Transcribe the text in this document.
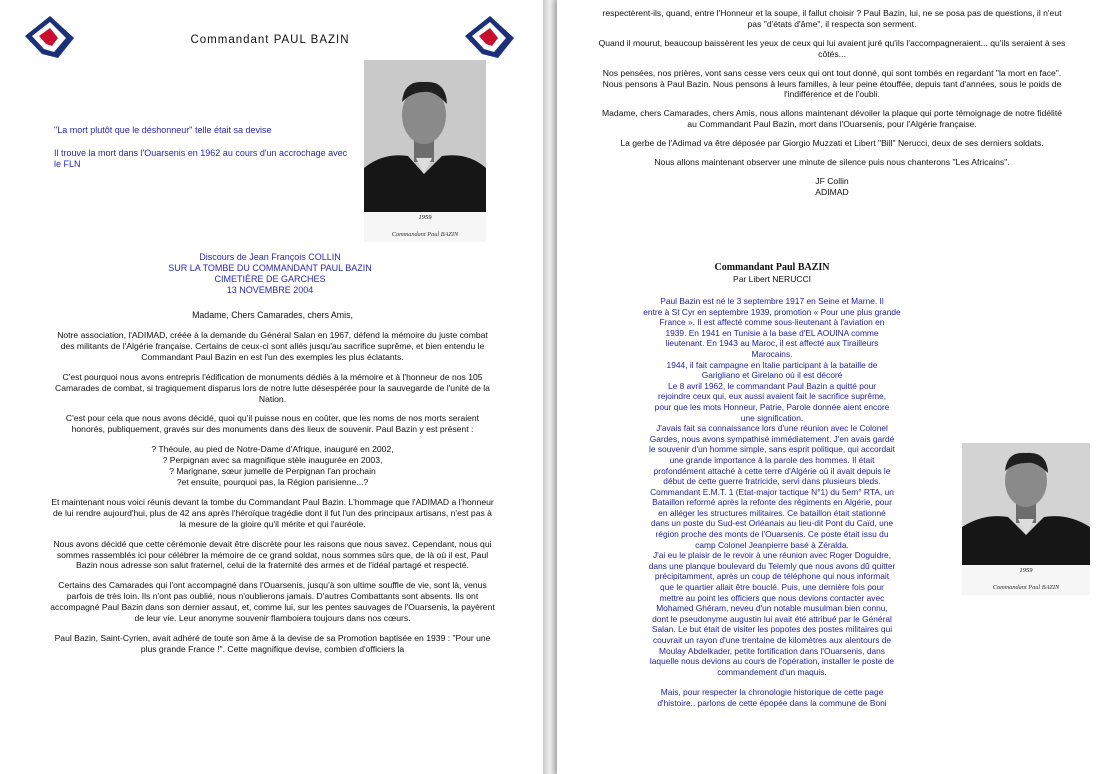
Commandant PAUL BAZIN
"La mort plutôt que le déshonneur" telle était sa devise
Il trouve la mort dans l'Ouarsenis en 1962 au cours d'un accrochage avec le FLN
1959
Commandant Paul BAZIN
Discours de Jean François COLLIN
SUR LA TOMBE DU COMMANDANT PAUL BAZIN
CIMETIÈRE DE GARCHES
13 NOVEMBRE 2004
Madame, Chers Camarades, chers Amis,

Notre association, l'ADIMAD, créée à la demande du Général Salan en 1967, défend la mémoire du juste combat des militants de l'Algérie française. Certains de ceux-ci sont allés jusqu'au sacrifice suprême, et bien entendu le Commandant Paul Bazin en est l'un des exemples les plus éclatants.

C'est pourquoi nous avons entrepris l'édification de monuments dédiés à la mémoire et à l'honneur de nos 105 Camarades de combat, si tragiquement disparus lors de notre lutte désespérée pour la sauvegarde de l'unité de la Nation.

C'est pour cela que nous avons décidé, quoi qu'il puisse nous en coûter, que les noms de nos morts seraient honorés, publiquement, gravés sur des monuments dans des lieux de souvenir. Paul Bazin y est présent :

? Théoule, au pied de Notre-Dame d'Afrique, inauguré en 2002,

? Perpignan avec sa magnifique stèle inaugurée en 2003,

? Marignane, sœur jumelle de Perpignan l'an prochain

?et ensuite, pourquoi pas, la Région parisienne...?

Et maintenant nous voici réunis devant la tombe du Commandant Paul Bazin. L'hommage que l'ADIMAD a l'honneur de lui rendre aujourd'hui, plus de 42 ans après l'héroïque tragédie dont il fut l'un des principaux artisans, n'est pas à la mesure de la gloire qu'il mérite et qui l'auréole.

Nous avons décidé que cette cérémonie devait être discrète pour les raisons que nous savez. Cependant, nous qui sommes rassemblés ici pour célébrer la mémoire de ce grand soldat, nous sommes sûrs que, de là où il est, Paul Bazin nous adresse son salut fraternel, celui de la fraternité des armes et de l'idéal partagé et respecté.

Certains des Camarades qui l'ont accompagné dans l'Ouarsenis, jusqu'à son ultime souffle de vie, sont là, venus parfois de très loin. Ils n'ont pas oublié, nous n'oublierons jamais. D'autres Combattants sont absents. Ils ont accompagné Paul Bazin dans son dernier assaut, et, comme lui, sur les pentes sauvages de l'Ouarsenis, la payèrent de leur vie. Leur anonyme souvenir flamboiera toujours dans nos cœurs.

Paul Bazin, Saint-Cyrien, avait adhéré de toute son âme à la devise de sa Promotion baptisée en 1939 : "Pour une plus grande France !". Cette magnifique devise, combien d'officiers la

respectèrent-ils, quand, entre l'Honneur et la soupe, il fallut choisir ? Paul Bazin, lui, ne se posa pas de questions, il n'eut pas "d'états d'âme", il respecta son serment.

Quand il mourut, beaucoup baissèrent les yeux de ceux qui lui avaient juré qu'ils l'accompagneraient... qu'ils seraient à ses côtés...

Nos pensées, nos prières, vont sans cesse vers ceux qui ont tout donné, qui sont tombés en regardant "la mort en face". Nous pensons à Paul Bazin. Nous pensons à leurs familles, à leur peine étouffée, depuis tant d'années, sous le poids de l'indifférence et de l'oubli.

Madame, chers Camarades, chers Amis, nous allons maintenant dévoiler la plaque qui porte témoignage de notre fidélité au Commandant Paul Bazin, mort dans l'Ouarsenis, pour l'Algérie française.

La gerbe de l'Adimad va être déposée par Giorgio Muzzati et Libert "Bill" Nerucci, deux de ses derniers soldats.

Nous allons maintenant observer une minute de silence puis nous chanterons "Les Africains".

JF Collin

ADIMAD

Commandant Paul BAZIN
Par Libert NERUCCI

Paul Bazin est né le 3 septembre 1917 en Seine et Marne. Il

entre à St Cyr en septembre 1939, promotion « Pour une plus grande

France ». Il est affecté comme sous-lieutenant à l'aviation en

1939. En 1941 en Tunisie à la base d'EL AOUINA comme

lieutenant. En 1943 au Maroc, il est affecté aux Tirailleurs

Marocains.

1944, il fait campagne en Italie participant à la bataille de

Garigliano et Girelano où il est décoré

Le 8 avril 1962, le commandant Paul Bazin a quitté pour

rejoindre ceux qui, eux aussi avaient fait le sacrifice suprême,

pour que les mots Honneur, Patrie, Parole donnée aient encore

une signification.

J'avais fait sa connaissance lors d'une réunion avec le Colonel

Gardes, nous avons sympathisé immédiatement. J'en avais gardé

le souvenir d'un homme simple, sans esprit politique, qui accordait

une grande importance à la parole des hommes. Il était

profondément attaché à cette terre d'Algérie où il avait depuis le

début de cette guerre fratricide, servi dans plusieurs bleds.

Commandant E.M.T. 1 (Etat-major tactique N°1) du 5em° RTA, un

Bataillon reformé après la refonte des régiments en Algérie, pour

en alléger les structures militaires. Ce bataillon était stationné

dans un poste du Sud-est Orléanais au lieu-dit Pont du Caïd, une

région proche des monts de l'Ouarsenis. Ce poste était issu du

camp Colonel Jeanpierre basé à Zéralda.

J'ai eu le plaisir de le revoir à une réunion avec Roger Doguidre,

dans une planque boulevard du Telemly que nous avons dû quitter

précipitamment, après un coup de téléphone qui nous informait

que le quartier allait être bouclé. Puis, une dernière fois pour

mettre au point les officiers que nous devions contacter avec

Mohamed Ghéram, neveu d'un notable musulman bien connu,

dont le pseudonyme augustin lui avait été attribué par le Général

Salan. Le but était de visiter les popotes des postes militaires qui

couvrait un rayon d'une trentaine de kilomètres aux alentours de

Moulay Abdelkader, petite fortification dans l'Ouarsenis, dans

laquelle nous devions au cours de l'opération, installer le poste de

commandement d'un maquis.

Mais, pour respecter la chronologie historique de cette page

d'histoire.. parlons de cette épopée dans la commune de Boni

1959
Commandant Paul BAZIN
